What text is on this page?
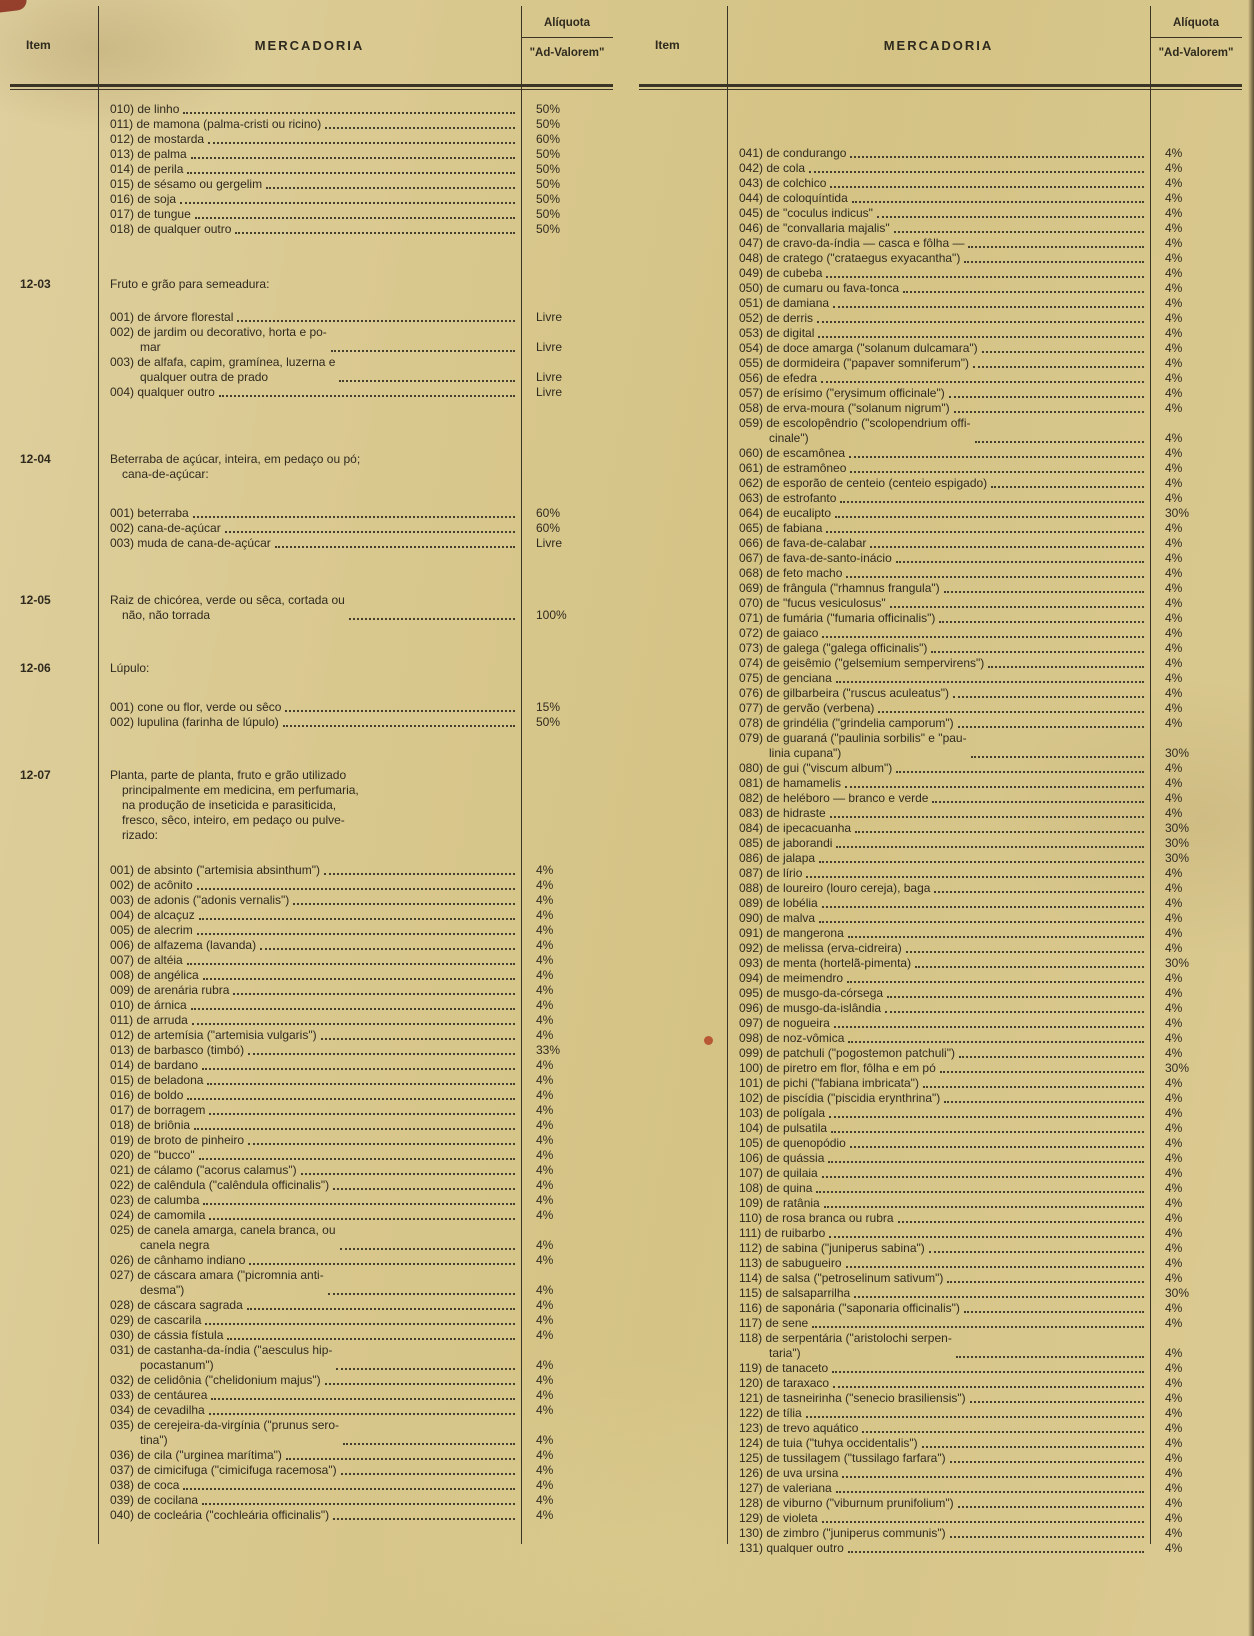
Item	MERCADORIA
Alíquota
"Ad-Valorem"
010) de linho	50%
011) de mamona (palma-cristi ou ricino)	50%
012) de mostarda	60%
013) de palma	50%
014) de perila	50%
015) de sésamo ou gergelim	50%
016) de soja	50%
017) de tungue	50%
018) de qualquer outro	50%
12-03	Fruto e grão para semeadura:
001) de árvore florestal	Livre
002) de jardim ou decorativo, horta e po-
mar	Livre
003) de alfafa, capim, gramínea, luzerna e
qualquer outra de prado	Livre
004) qualquer outro	Livre
12-04	Beterraba de açúcar, inteira, em pedaço ou pó;
cana-de-açúcar:
001) beterraba	60%
002) cana-de-açúcar	60%
003) muda de cana-de-açúcar	Livre
12-05	Raiz de chicórea, verde ou sêca, cortada ou
não, não torrada	100%
12-06	Lúpulo:
001) cone ou flor, verde ou sêco	15%
002) lupulina (farinha de lúpulo)	50%
12-07	Planta, parte de planta, fruto e grão utilizado
principalmente em medicina, em perfumaria,
na produção de inseticida e parasiticida,
fresco, sêco, inteiro, em pedaço ou pulve-
rizado:
001) de absinto ("artemisia absinthum")	4%
002) de acônito	4%
003) de adonis ("adonis vernalis")	4%
004) de alcaçuz	4%
005) de alecrim	4%
006) de alfazema (lavanda)	4%
007) de altéia	4%
008) de angélica	4%
009) de arenária rubra	4%
010) de árnica	4%
011) de arruda	4%
012) de artemísia ("artemisia vulgaris")	4%
013) de barbasco (timbó)	33%
014) de bardano	4%
015) de beladona	4%
016) de boldo	4%
017) de borragem	4%
018) de briônia	4%
019) de broto de pinheiro	4%
020) de "bucco"	4%
021) de cálamo ("acorus calamus")	4%
022) de calêndula ("calêndula officinalis")	4%
023) de calumba	4%
024) de camomila	4%
025) de canela amarga, canela branca, ou
canela negra	4%
026) de cânhamo indiano	4%
027) de cáscara amara ("picromnia anti-
desma")	4%
028) de cáscara sagrada	4%
029) de cascarila	4%
030) de cássia fístula	4%
031) de castanha-da-índia ("aesculus hip-
pocastanum")	4%
032) de celidônia ("chelidonium majus")	4%
033) de centáurea	4%
034) de cevadilha	4%
035) de cerejeira-da-virgínia ("prunus sero-
tina")	4%
036) de cila ("urginea marítima")	4%
037) de cimicifuga ("cimicifuga racemosa")	4%
038) de coca	4%
039) de cocilana	4%
040) de cocleária ("cochleária officinalis")	4%
Item	MERCADORIA
Alíquota
"Ad-Valorem"
041) de condurango	4%
042) de cola	4%
043) de colchico	4%
044) de coloquíntida	4%
045) de "coculus indicus"	4%
046) de "convallaria majalis"	4%
047) de cravo-da-índia — casca e fôlha —	4%
048) de cratego ("crataegus exyacantha")	4%
049) de cubeba	4%
050) de cumaru ou fava-tonca	4%
051) de damiana	4%
052) de derris	4%
053) de digital	4%
054) de doce amarga ("solanum dulcamara")	4%
055) de dormideira ("papaver somniferum")	4%
056) de efedra	4%
057) de erísimo ("erysimum officinale")	4%
058) de erva-moura ("solanum nigrum")	4%
059) de escolopêndrio ("scolopendrium offi-
cinale")	4%
060) de escamônea	4%
061) de estramôneo	4%
062) de esporão de centeio (centeio espigado)	4%
063) de estrofanto	4%
064) de eucalipto	30%
065) de fabiana	4%
066) de fava-de-calabar	4%
067) de fava-de-santo-inácio	4%
068) de feto macho	4%
069) de frângula ("rhamnus frangula")	4%
070) de "fucus vesiculosus"	4%
071) de fumária ("fumaria officinalis")	4%
072) de gaiaco	4%
073) de galega ("galega officinalis")	4%
074) de geisêmio ("gelsemium sempervirens")	4%
075) de genciana	4%
076) de gilbarbeira ("ruscus aculeatus")	4%
077) de gervão (verbena)	4%
078) de grindélia ("grindelia camporum")	4%
079) de guaraná ("paulinia sorbilis" e "pau-
linia cupana")	30%
080) de gui ("viscum album")	4%
081) de hamamelis	4%
082) de heléboro — branco e verde	4%
083) de hidraste	4%
084) de ipecacuanha	30%
085) de jaborandi	30%
086) de jalapa	30%
087) de lírio	4%
088) de loureiro (louro cereja), baga	4%
089) de lobélia	4%
090) de malva	4%
091) de mangerona	4%
092) de melissa (erva-cidreira)	4%
093) de menta (hortelã-pimenta)	30%
094) de meimendro	4%
095) de musgo-da-córsega	4%
096) de musgo-da-islândia	4%
097) de nogueira	4%
098) de noz-vômica	4%
099) de patchuli ("pogostemon patchuli")	4%
100) de piretro em flor, fôlha e em pó	30%
101) de pichi ("fabiana imbricata")	4%
102) de piscídia ("piscidia erynthrina")	4%
103) de polígala	4%
104) de pulsatila	4%
105) de quenopódio	4%
106) de quássia	4%
107) de quilaia	4%
108) de quina	4%
109) de ratânia	4%
110) de rosa branca ou rubra	4%
111) de ruibarbo	4%
112) de sabina ("juniperus sabina")	4%
113) de sabugueiro	4%
114) de salsa ("petroselinum sativum")	4%
115) de salsaparrilha	30%
116) de saponária ("saponaria officinalis")	4%
117) de sene	4%
118) de serpentária ("aristolochi serpen-
taria")	4%
119) de tanaceto	4%
120) de taraxaco	4%
121) de tasneirinha ("senecio brasiliensis")	4%
122) de tília	4%
123) de trevo aquático	4%
124) de tuia ("tuhya occidentalis")	4%
125) de tussilagem ("tussilago farfara")	4%
126) de uva ursina	4%
127) de valeriana	4%
128) de viburno ("viburnum prunifolium")	4%
129) de violeta	4%
130) de zimbro ("juniperus communis")	4%
131) qualquer outro	4%
